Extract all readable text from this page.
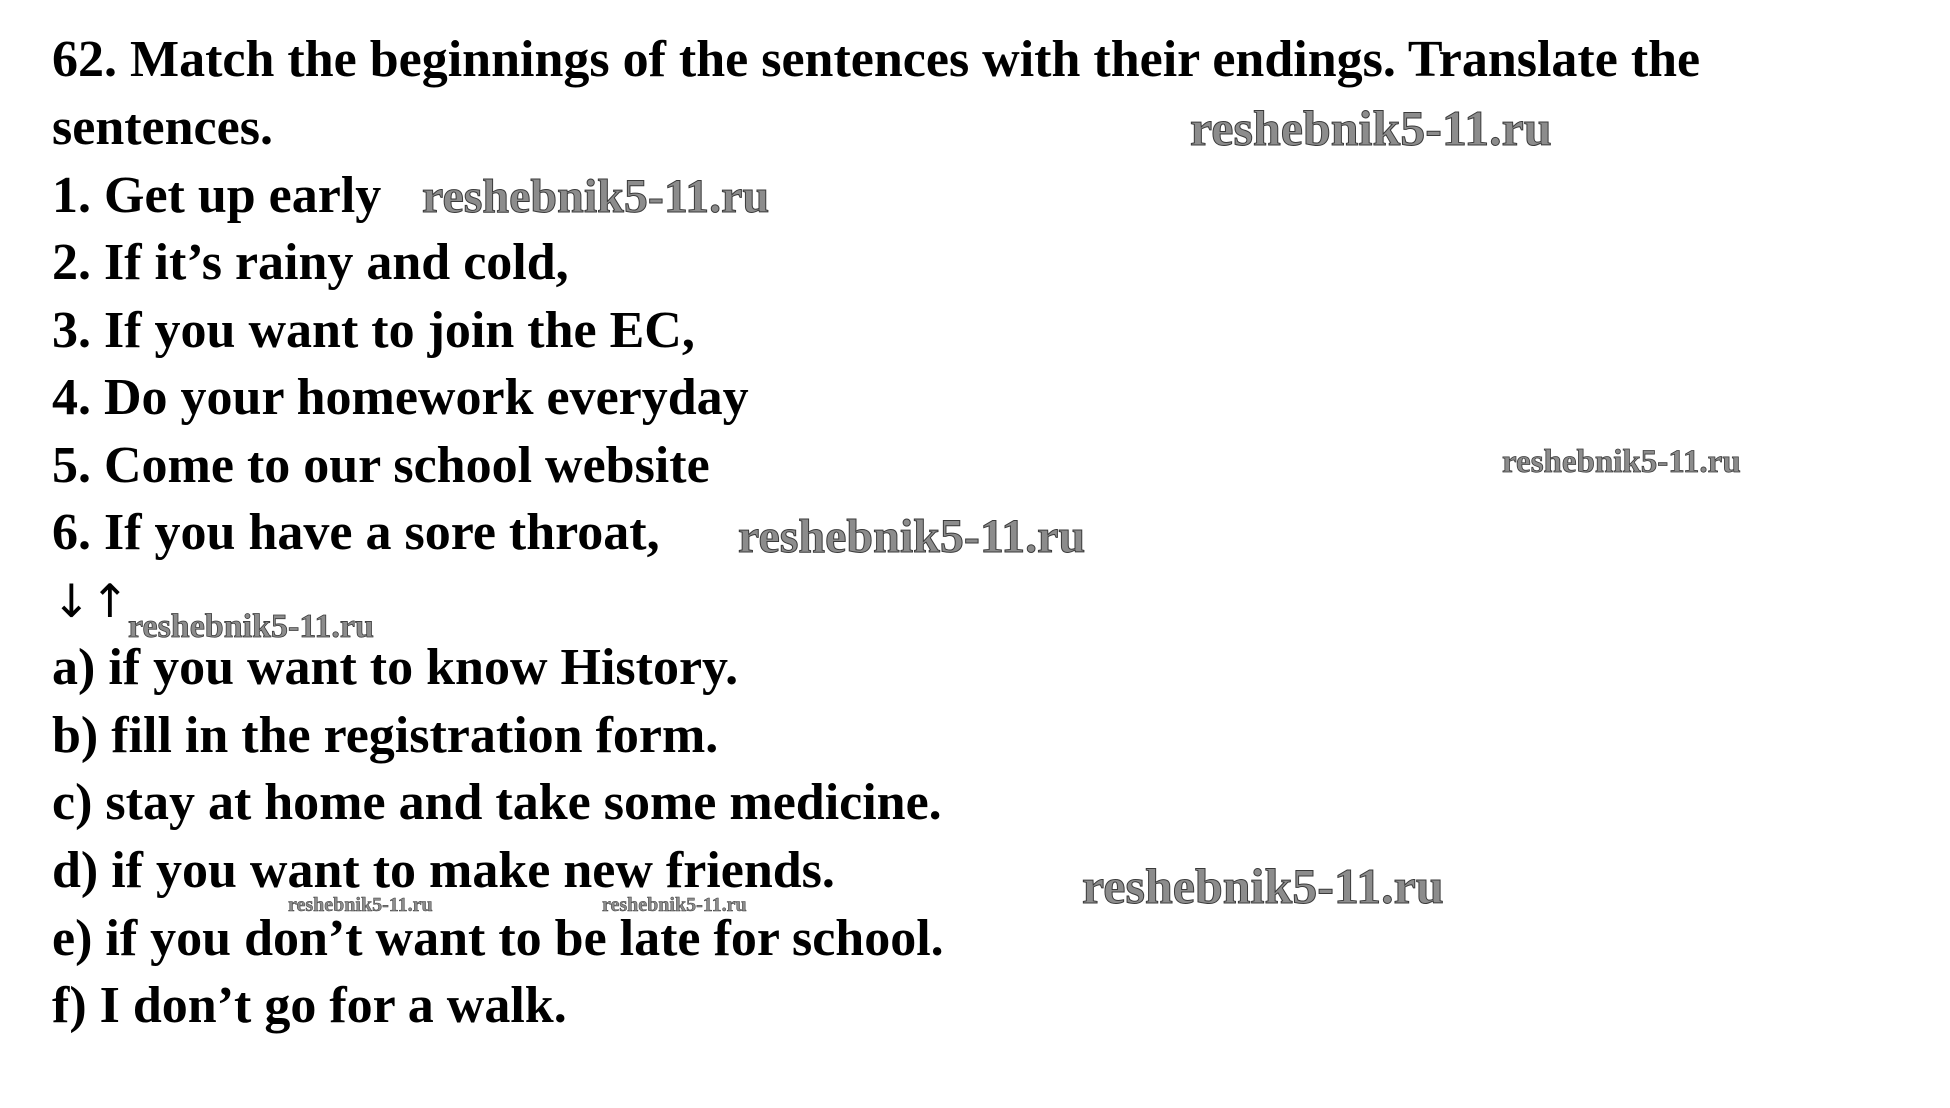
62. Match the beginnings of the sentences with their endings. Translate the
sentences.
1. Get up early
2. If it’s rainy and cold,
3. If you want to join the EC,
4. Do your homework everyday
5. Come to our school website
6. If you have a sore throat,
↓↑
a) if you want to know History.
b) fill in the registration form.
c) stay at home and take some medicine.
d) if you want to make new friends.
e) if you don’t want to be late for school.
f) I don’t go for a walk.
reshebnik5-11.ru
reshebnik5-11.ru
reshebnik5-11.ru
reshebnik5-11.ru
reshebnik5-11.ru
reshebnik5-11.ru
reshebnik5-11.ru	reshebnik5-11.ru
